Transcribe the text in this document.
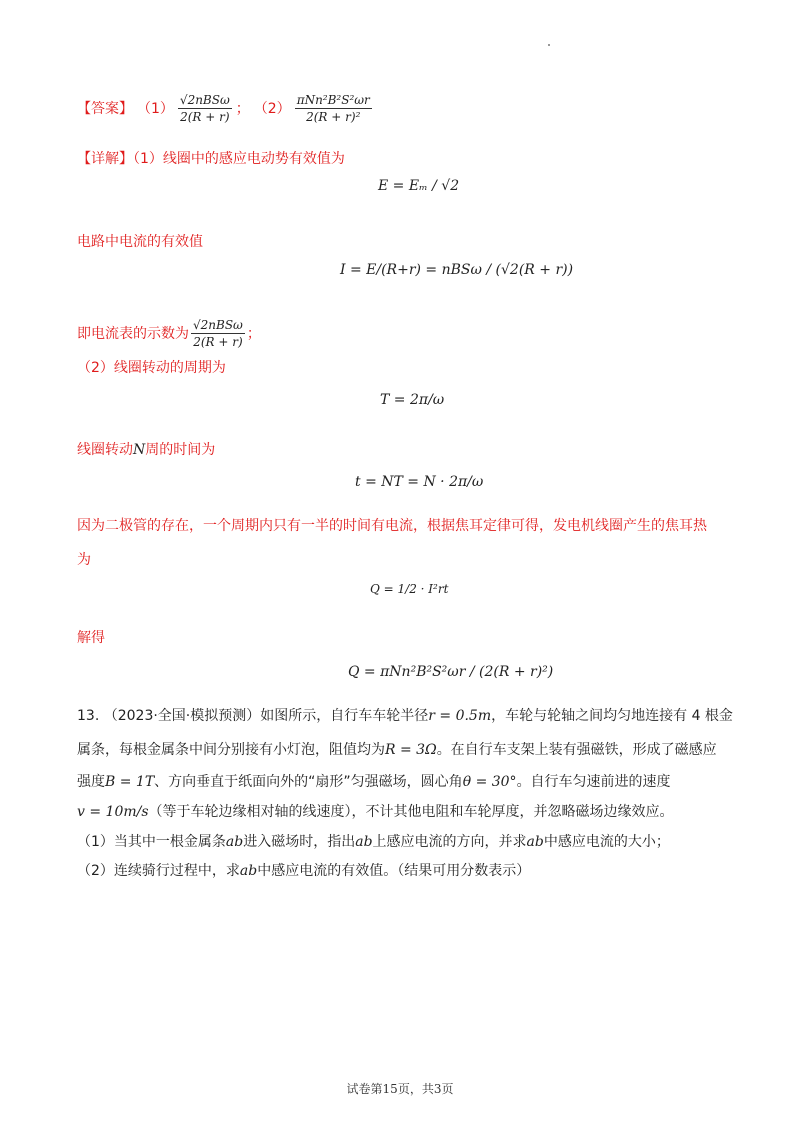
【答案】 $(1) \frac{\text{√2nBSω}}{2(R + r)}$ ； $(2) \frac{\text{πNn²B²S²ωr}}{\text{2(R + r)²}}$
【详解】（1）线圈中的感应电动势有效值为
E = Eₘ / √2
电路中电流的有效值
I = E/(R+r) = nBSω / (√2(R + r))
即电流表的示数为 $\frac{\text{√2nBSω}}{2(R + r)}$ ；
（2）线圈转动的周期为
T = 2π/ω
线圈转动N周的时间为
t = NT = N · 2π/ω
因为二极管的存在，一个周期内只有一半的时间有电流，根据焦耳定律可得，发电机线圈产生的焦耳热
为
Q = 1/2 · I²rt
解得
Q = πNn²B²S²ωr / (2(R + r)²)
13. （2023·全国·模拟预测）如图所示，自行车车轮半径r = 0.5m，车轮与轮轴之间均匀地连接有 4 根金
属条，每根金属条中间分别接有小灯泡，阻值均为R = 3Ω。在自行车支架上装有强磁铁，形成了磁感应
强度B = 1T、方向垂直于纸面向外的“扇形”匀强磁场，圆心角θ = 30°。自行车匀速前进的速度
v = 10m/s（等于车轮边缘相对轴的线速度），不计其他电阻和车轮厚度，并忽略磁场边缘效应。
（1）当其中一根金属条ab进入磁场时，指出ab上感应电流的方向，并求ab中感应电流的大小；
（2）连续骑行过程中，求ab中感应电流的有效值。（结果可用分数表示）
试卷第15页，共3页
